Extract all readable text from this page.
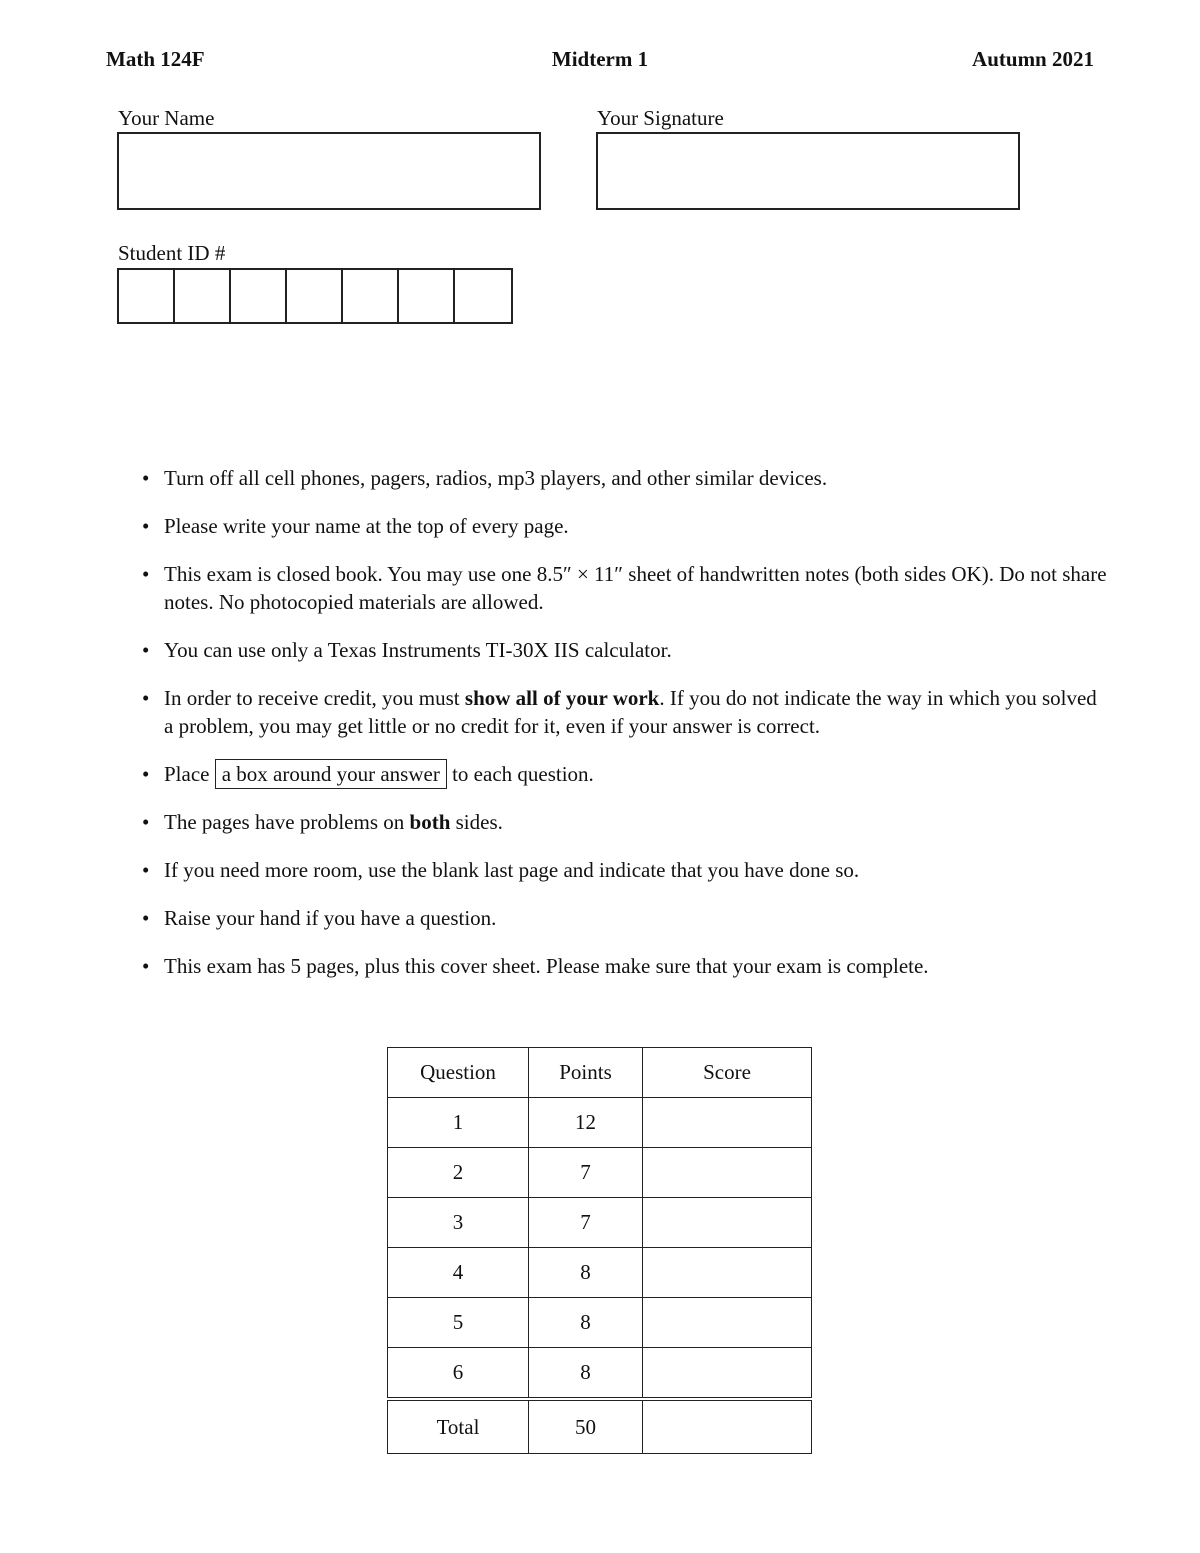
Math 124F	Midterm 1	Autumn 2021
Your Name	Your Signature
Student ID #
• Turn off all cell phones, pagers, radios, mp3 players, and other similar devices.
• Please write your name at the top of every page.
• This exam is closed book. You may use one 8.5″ × 11″ sheet of handwritten notes (both sides OK). Do not share notes. No photocopied materials are allowed.
• You can use only a Texas Instruments TI-30X IIS calculator.
• In order to receive credit, you must show all of your work. If you do not indicate the way in which you solved a problem, you may get little or no credit for it, even if your answer is correct.
• Place a box around your answer to each question.
• The pages have problems on both sides.
• If you need more room, use the blank last page and indicate that you have done so.
• Raise your hand if you have a question.
• This exam has 5 pages, plus this cover sheet. Please make sure that your exam is complete.
Question	Points	Score
1	12	
2	7	
3	7	
4	8	
5	8	
6	8	
Total	50	
